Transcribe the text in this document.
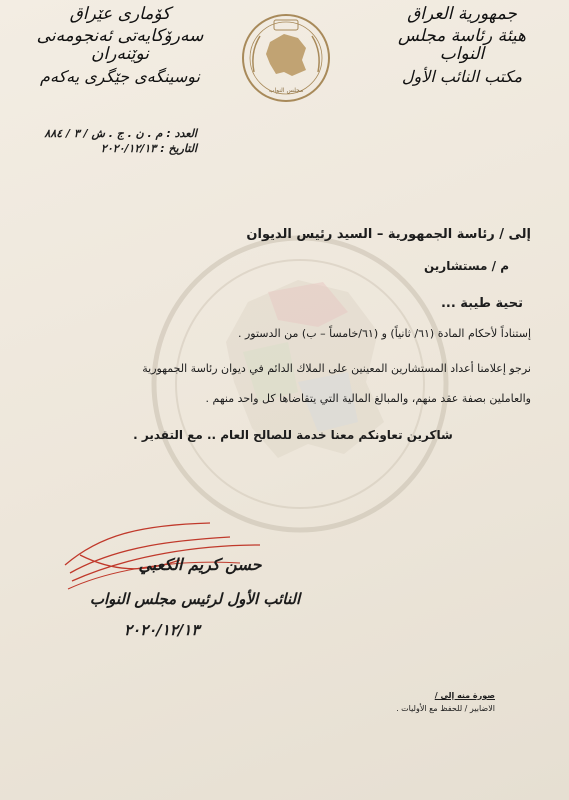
جمهورية العراق
هيئة رئاسة مجلس النواب
مكتب النائب الأول
مجلس النواب
كۆماری عێراق
سەرۆکایەتی ئەنجومەنی نوێنەران
نوسینگەی جێگری یەکەم
العدد :
م . ن . ج . ش / ٣ / ٨٨٤
التاريخ :
٢٠٢٠/١٢/١٣
إلى / رئاسة الجمهورية – السيد رئيس الديوان
م / مستشارين
تحية طيبة ...
إستناداً لأحكام المادة (٦١/ ثانياً) و (٦١/خامساً – ب) من الدستور .
نرجو إعلامنا أعداد المستشارين المعينين على الملاك الدائم في ديوان رئاسة الجمهورية
والعاملين بصفة عقد منهم، والمبالغ المالية التي يتقاضاها كل واحد منهم .
شاكرين تعاونكم معنا خدمة للصالح العام .. مع التقدير .
حسن كريم الكعبي
النائب الأول لرئيس مجلس النواب
٢٠٢٠/١٢/١٣
صورة منه إلى /
الاضابير / للحفظ مع الأوليات .
